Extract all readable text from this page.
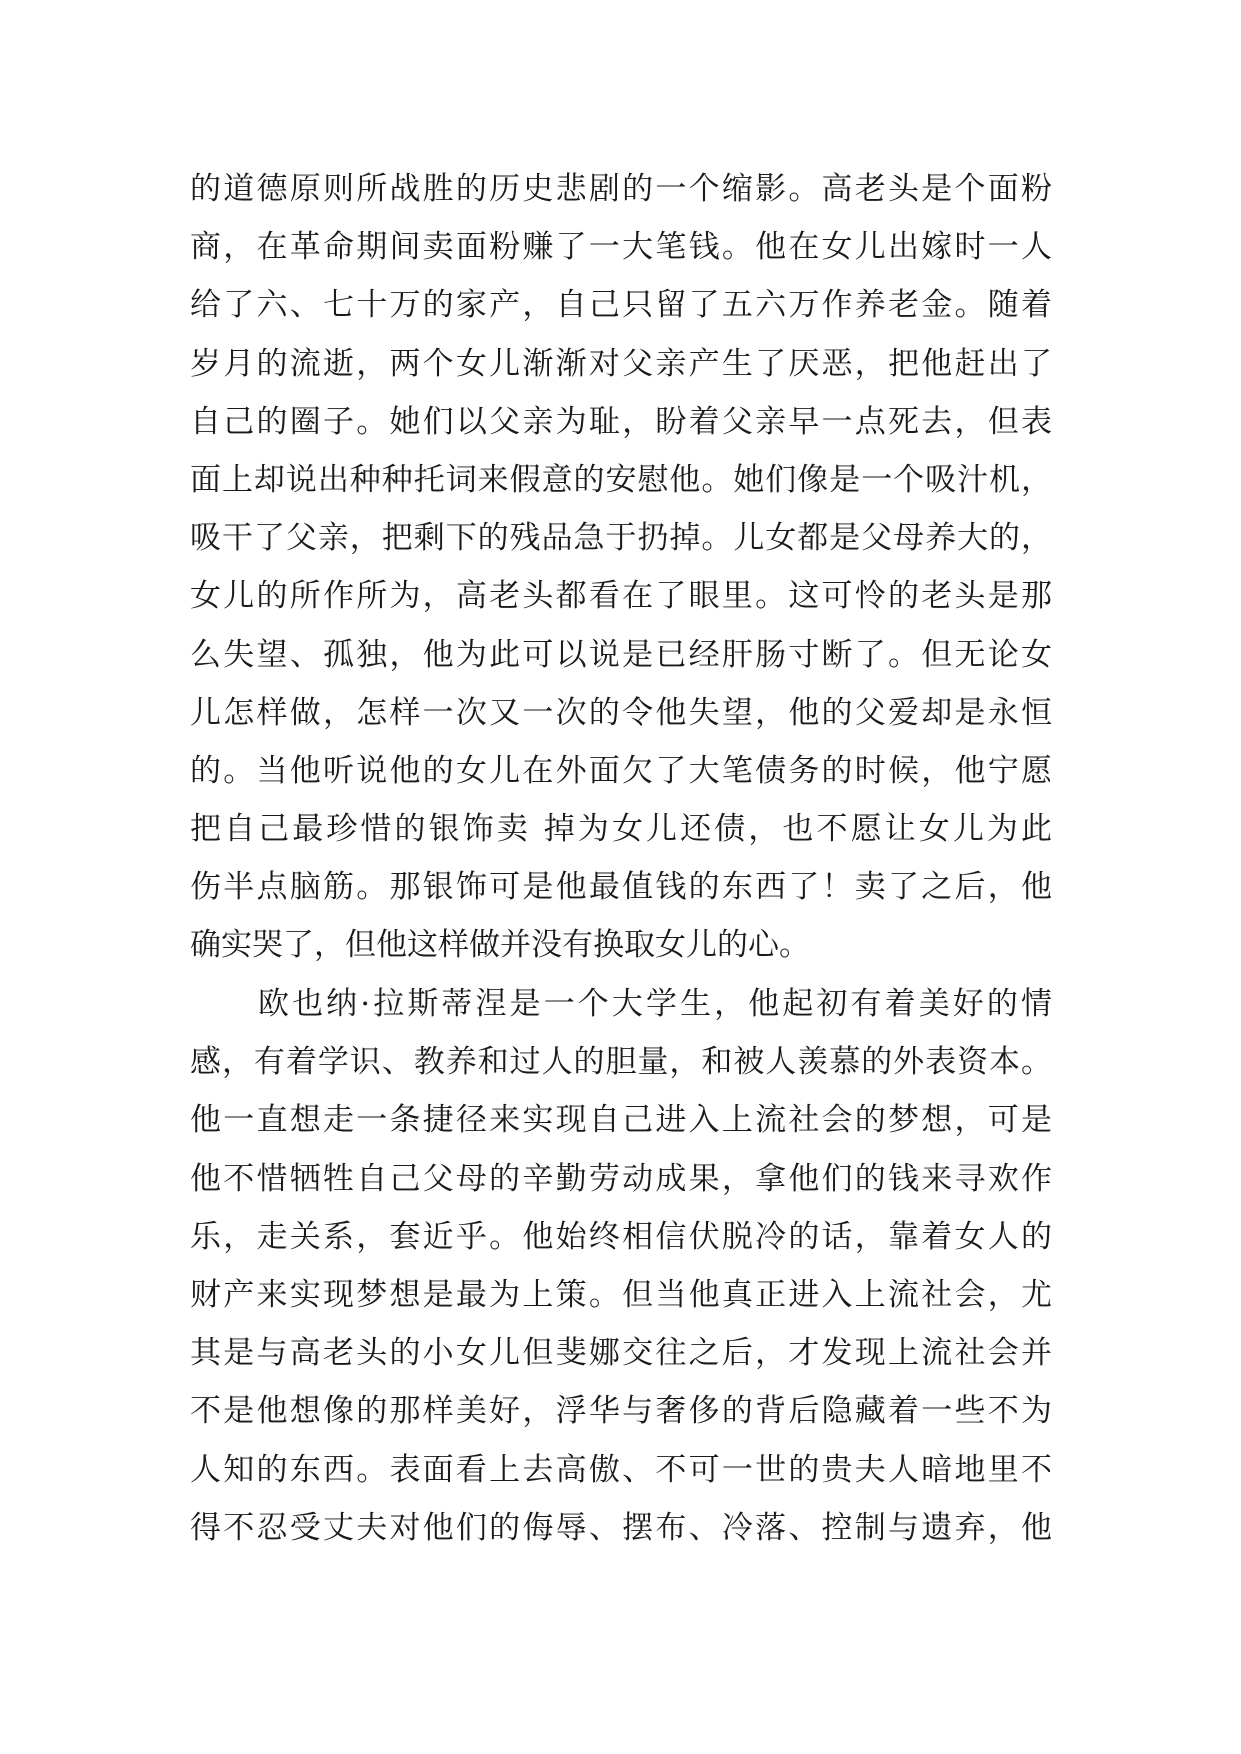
的道德原则所战胜的历史悲剧的一个缩影。高老头是个面粉
商，在革命期间卖面粉赚了一大笔钱。他在女儿出嫁时一人
给了六、七十万的家产，自己只留了五六万作养老金。随着
岁月的流逝，两个女儿渐渐对父亲产生了厌恶，把他赶出了
自己的圈子。她们以父亲为耻，盼着父亲早一点死去，但表
面上却说出种种托词来假意的安慰他。她们像是一个吸汁机，
吸干了父亲，把剩下的残品急于扔掉。儿女都是父母养大的，
女儿的所作所为，高老头都看在了眼里。这可怜的老头是那
么失望、孤独，他为此可以说是已经肝肠寸断了。但无论女
儿怎样做，怎样一次又一次的令他失望，他的父爱却是永恒
的。当他听说他的女儿在外面欠了大笔债务的时候，他宁愿
把自己最珍惜的银饰卖 掉为女儿还债，也不愿让女儿为此
伤半点脑筋。那银饰可是他最值钱的东西了！卖了之后，他
确实哭了，但他这样做并没有换取女儿的心。
欧也纳·拉斯蒂涅是一个大学生，他起初有着美好的情
感，有着学识、教养和过人的胆量，和被人羡慕的外表资本。
他一直想走一条捷径来实现自己进入上流社会的梦想，可是
他不惜牺牲自己父母的辛勤劳动成果，拿他们的钱来寻欢作
乐，走关系，套近乎。他始终相信伏脱冷的话，靠着女人的
财产来实现梦想是最为上策。但当他真正进入上流社会，尤
其是与高老头的小女儿但斐娜交往之后，才发现上流社会并
不是他想像的那样美好，浮华与奢侈的背后隐藏着一些不为
人知的东西。表面看上去高傲、不可一世的贵夫人暗地里不
得不忍受丈夫对他们的侮辱、摆布、冷落、控制与遗弃，他
